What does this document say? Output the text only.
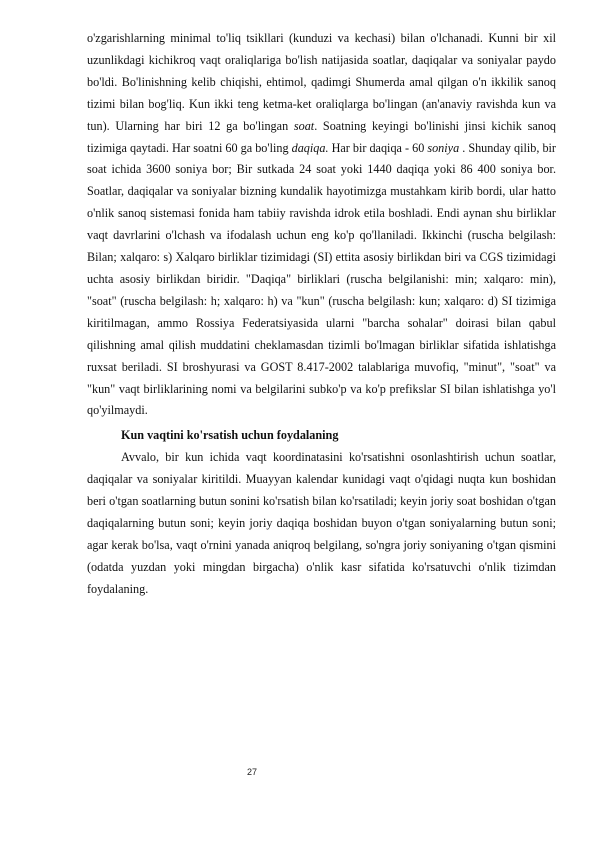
o'zgarishlarning minimal to'liq tsikllari (kunduzi va kechasi) bilan o'lchanadi. Kunni bir xil uzunlikdagi kichikroq vaqt oraliqlariga bo'lish natijasida soatlar, daqiqalar va soniyalar paydo bo'ldi. Bo'linishning kelib chiqishi, ehtimol, qadimgi Shumerda amal qilgan o'n ikkilik sanoq tizimi bilan bog'liq. Kun ikki teng ketma-ket oraliqlarga bo'lingan (an'anaviy ravishda kun va tun). Ularning har biri 12 ga bo'lingan soat. Soatning keyingi bo'linishi jinsi kichik sanoq tizimiga qaytadi. Har soatni 60 ga bo'ling daqiqa. Har bir daqiqa - 60 soniya . Shunday qilib, bir soat ichida 3600 soniya bor; Bir sutkada 24 soat yoki 1440 daqiqa yoki 86 400 soniya bor. Soatlar, daqiqalar va soniyalar bizning kundalik hayotimizga mustahkam kirib bordi, ular hatto o'nlik sanoq sistemasi fonida ham tabiiy ravishda idrok etila boshladi. Endi aynan shu birliklar vaqt davrlarini o'lchash va ifodalash uchun eng ko'p qo'llaniladi. Ikkinchi (ruscha belgilash: Bilan; xalqaro: s) Xalqaro birliklar tizimidagi (SI) ettita asosiy birlikdan biri va CGS tizimidagi uchta asosiy birlikdan biridir. "Daqiqa" birliklari (ruscha belgilanishi: min; xalqaro: min), "soat" (ruscha belgilash: h; xalqaro: h) va "kun" (ruscha belgilash: kun; xalqaro: d) SI tizimiga kiritilmagan, ammo Rossiya Federatsiyasida ularni "barcha sohalar" doirasi bilan qabul qilishning amal qilish muddatini cheklamasdan tizimli bo'lmagan birliklar sifatida ishlatishga ruxsat beriladi. SI broshyurasi va GOST 8.417-2002 talablariga muvofiq, "minut", "soat" va "kun" vaqt birliklarining nomi va belgilarini subko'p va ko'p prefikslar SI bilan ishlatishga yo'l qo'yilmaydi.

Kun vaqtini ko'rsatish uchun foydalaning

Avvalo, bir kun ichida vaqt koordinatasini ko'rsatishni osonlashtirish uchun soatlar, daqiqalar va soniyalar kiritildi. Muayyan kalendar kunidagi vaqt o'qidagi nuqta kun boshidan beri o'tgan soatlarning butun sonini ko'rsatish bilan ko'rsatiladi; keyin joriy soat boshidan o'tgan daqiqalarning butun soni; keyin joriy daqiqa boshidan buyon o'tgan soniyalarning butun soni; agar kerak bo'lsa, vaqt o'rnini yanada aniqroq belgilang, so'ngra joriy soniyaning o'tgan qismini (odatda yuzdan yoki mingdan birgacha) o'nlik kasr sifatida ko'rsatuvchi o'nlik tizimdan foydalaning.

27
